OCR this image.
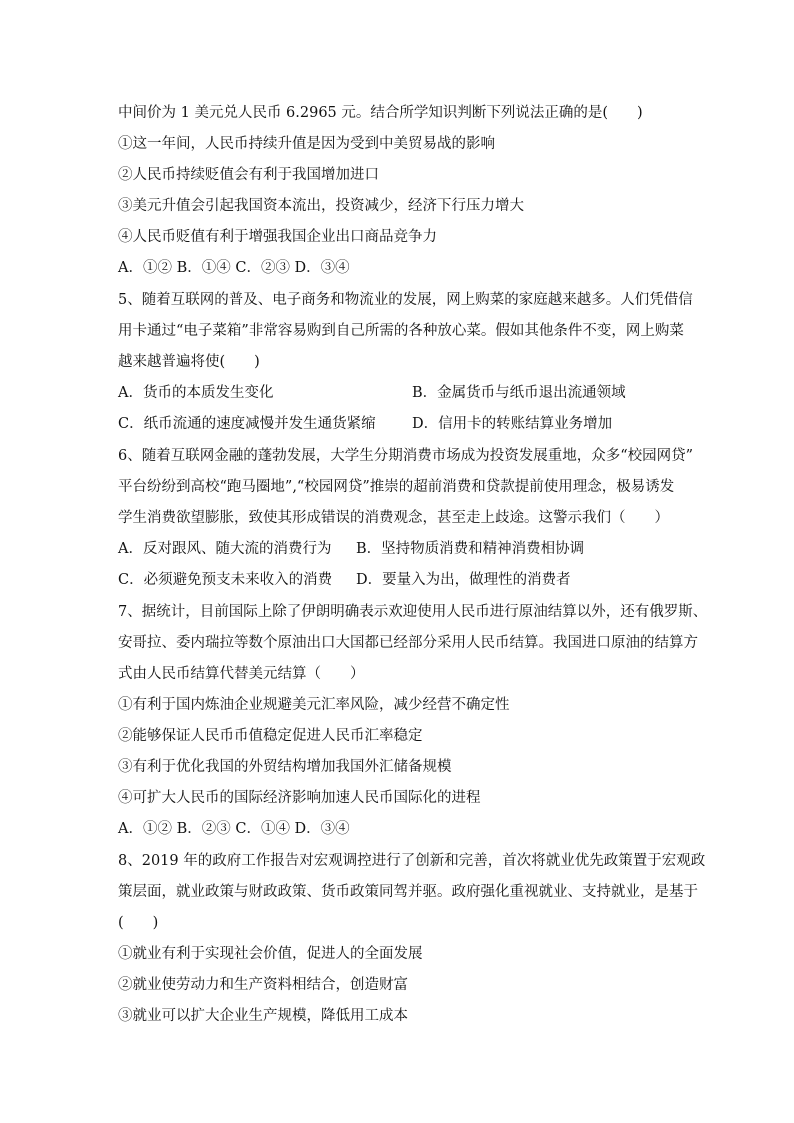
中间价为 1 美元兑人民币 6.2965 元。结合所学知识判断下列说法正确的是(　　)
①这一年间，人民币持续升值是因为受到中美贸易战的影响
②人民币持续贬值会有利于我国增加进口
③美元升值会引起我国资本流出，投资减少，经济下行压力增大
④人民币贬值有利于增强我国企业出口商品竞争力
A．①② B．①④ C．②③ D．③④
5、随着互联网的普及、电子商务和物流业的发展，网上购菜的家庭越来越多。人们凭借信
用卡通过“电子菜箱”非常容易购到自己所需的各种放心菜。假如其他条件不变，网上购菜
越来越普遍将使(　　)
A．货币的本质发生变化	B．金属货币与纸币退出流通领域
C．纸币流通的速度减慢并发生通货紧缩	D．信用卡的转账结算业务增加
6、随着互联网金融的蓬勃发展，大学生分期消费市场成为投资发展重地，众多“校园网贷”
平台纷纷到高校“跑马圈地”,“校园网贷”推崇的超前消费和贷款提前使用理念，极易诱发
学生消费欲望膨胀，致使其形成错误的消费观念，甚至走上歧途。这警示我们（　　）
A．反对跟风、随大流的消费行为 B．坚持物质消费和精神消费相协调
C．必须避免预支未来收入的消费 D．要量入为出，做理性的消费者
7、据统计，目前国际上除了伊朗明确表示欢迎使用人民币进行原油结算以外，还有俄罗斯、
安哥拉、委内瑞拉等数个原油出口大国都已经部分采用人民币结算。我国进口原油的结算方
式由人民币结算代替美元结算（　　）
①有利于国内炼油企业规避美元汇率风险，减少经营不确定性
②能够保证人民币币值稳定促进人民币汇率稳定
③有利于优化我国的外贸结构增加我国外汇储备规模
④可扩大人民币的国际经济影响加速人民币国际化的进程
A．①② B．②③ C．①④ D．③④
8、2019 年的政府工作报告对宏观调控进行了创新和完善，首次将就业优先政策置于宏观政
策层面，就业政策与财政政策、货币政策同驾并驱。政府强化重视就业、支持就业，是基于
(　　)
①就业有利于实现社会价值，促进人的全面发展
②就业使劳动力和生产资料相结合，创造财富
③就业可以扩大企业生产规模，降低用工成本
